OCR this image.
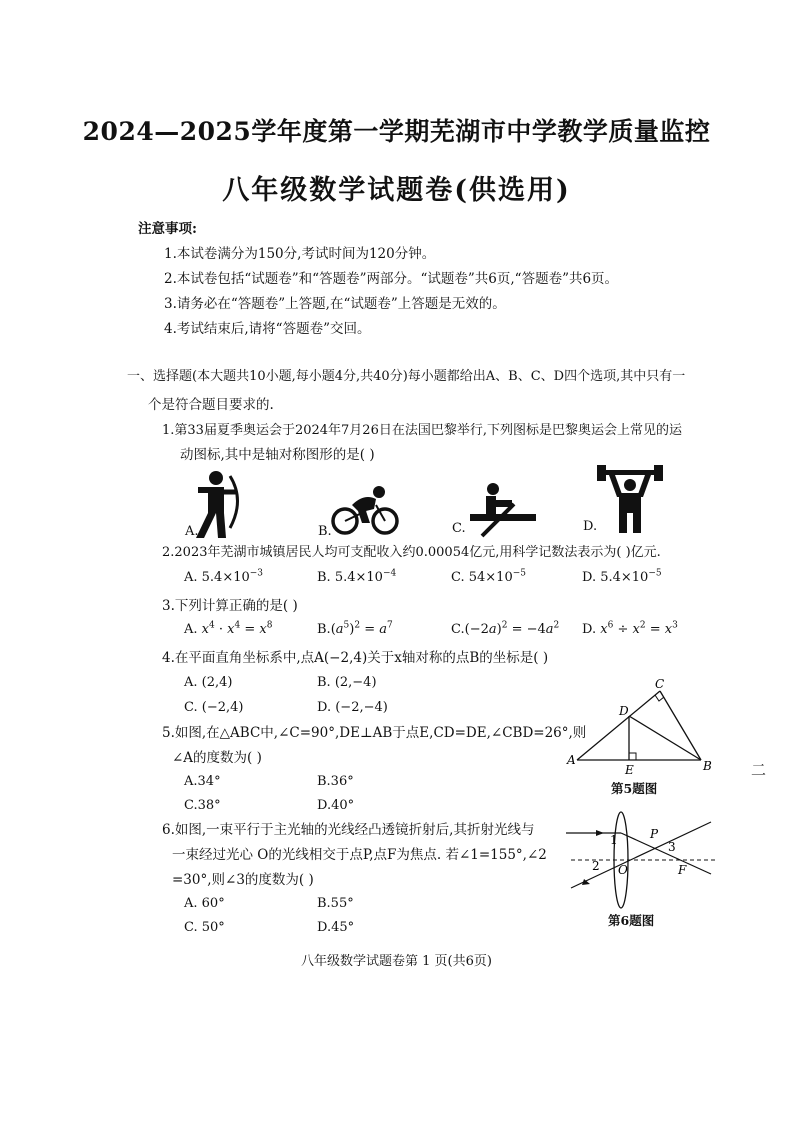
2024—2025学年度第一学期芜湖市中学教学质量监控
八年级数学试题卷(供选用)
注意事项:
1.本试卷满分为150分,考试时间为120分钟。
2.本试卷包括“试题卷”和“答题卷”两部分。“试题卷”共6页,“答题卷”共6页。
3.请务必在“答题卷”上答题,在“试题卷”上答题是无效的。
4.考试结束后,请将“答题卷”交回。
一、选择题(本大题共10小题,每小题4分,共40分)每小题都给出A、B、C、D四个选项,其中只有一
个是符合题目要求的.
1.第33届夏季奥运会于2024年7月26日在法国巴黎举行,下列图标是巴黎奥运会上常见的运
动图标,其中是轴对称图形的是( )
A.	B.	C.	D.
2.2023年芜湖市城镇居民人均可支配收入约0.00054亿元,用科学记数法表示为( )亿元.
A. $5.4\times 10^{-3}$	B. $5.4\times 10^{-4}$	C. $54\times 10^{-5}$	D. $5.4\times 10^{-5}$
3.下列计算正确的是( )
A. $x^4 \cdot x^4 = x^8$	$B.(a^5)^2 = a^7$	$C.(-2a)^2 = -4a^2$ D. $x^6 \div x^2 = x^3$
4.在平面直角坐标系中,点A(−2,4)关于x轴对称的点B的坐标是( )
A. (2,4)	B. (2,−4)
C. (−2,4)	D. (−2,−4)
5.如图,在△ABC中,∠C=90°,DE⊥AB于点E,CD=DE,∠CBD=26°,则
∠A的度数为( )
A.34°	B.36°
C.38°	D.40°
A	B
C
D
E
第5题图
二
6.如图,一束平行于主光轴的光线经凸透镜折射后,其折射光线与
一束经过光心 O的光线相交于点P,点F为焦点. 若∠1=155°,∠2
=30°,则∠3的度数为( )
A. 60°	B.55°
C. 50°	D.45°
1
2
3
O
P
F
第6题图
八年级数学试题卷第 1 页(共6页)
